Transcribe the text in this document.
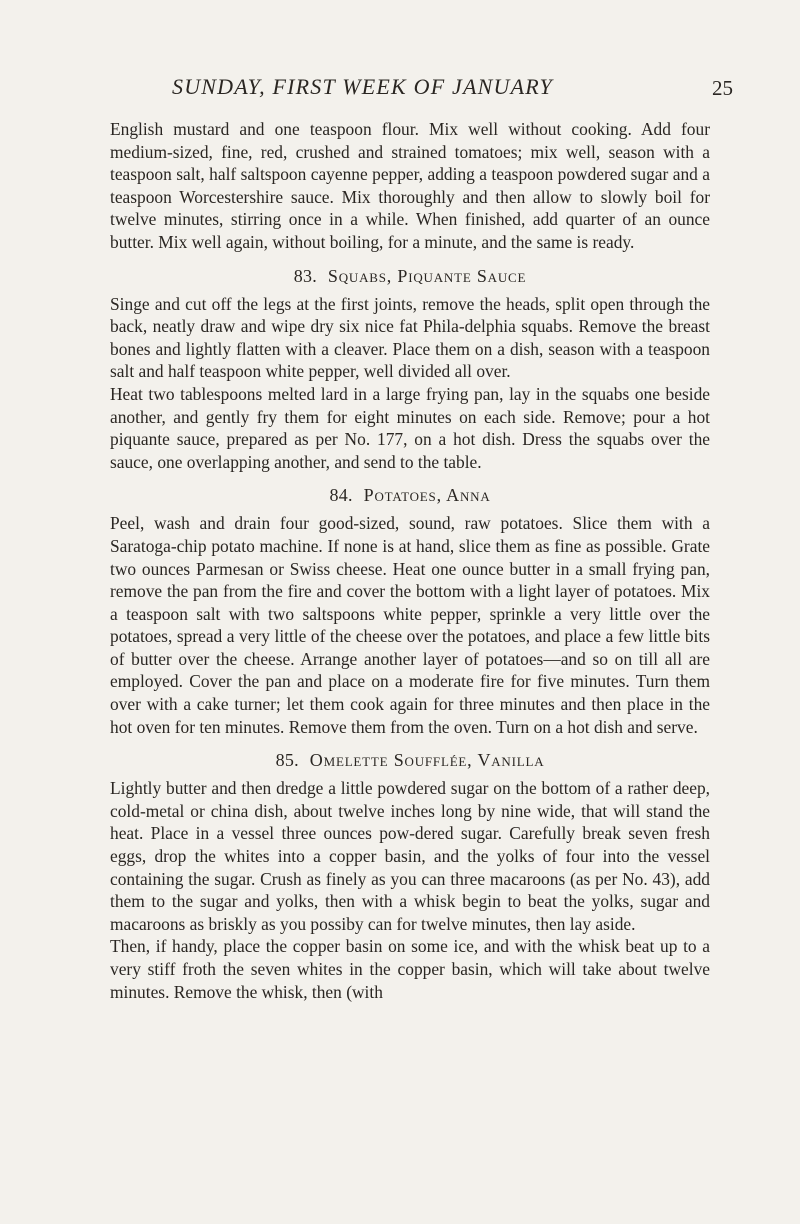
SUNDAY, FIRST WEEK OF JANUARY	25

English mustard and one teaspoon flour. Mix well without cooking. Add four medium-sized, fine, red, crushed and strained tomatoes; mix well, season with a teaspoon salt, half saltspoon cayenne pepper, adding a teaspoon powdered sugar and a teaspoon Worcestershire sauce. Mix thoroughly and then allow to slowly boil for twelve minutes, stirring once in a while. When finished, add quarter of an ounce butter. Mix well again, without boiling, for a minute, and the same is ready.

83. Squabs, Piquante Sauce

Singe and cut off the legs at the first joints, remove the heads, split open through the back, neatly draw and wipe dry six nice fat Phila-delphia squabs. Remove the breast bones and lightly flatten with a cleaver. Place them on a dish, season with a teaspoon salt and half teaspoon white pepper, well divided all over.

Heat two tablespoons melted lard in a large frying pan, lay in the squabs one beside another, and gently fry them for eight minutes on each side. Remove; pour a hot piquante sauce, prepared as per No. 177, on a hot dish. Dress the squabs over the sauce, one overlapping another, and send to the table.

84. Potatoes, Anna

Peel, wash and drain four good-sized, sound, raw potatoes. Slice them with a Saratoga-chip potato machine. If none is at hand, slice them as fine as possible. Grate two ounces Parmesan or Swiss cheese. Heat one ounce butter in a small frying pan, remove the pan from the fire and cover the bottom with a light layer of potatoes. Mix a teaspoon salt with two saltspoons white pepper, sprinkle a very little over the potatoes, spread a very little of the cheese over the potatoes, and place a few little bits of butter over the cheese. Arrange another layer of potatoes—and so on till all are employed. Cover the pan and place on a moderate fire for five minutes. Turn them over with a cake turner; let them cook again for three minutes and then place in the hot oven for ten minutes. Remove them from the oven. Turn on a hot dish and serve.

85. Omelette Soufflée, Vanilla

Lightly butter and then dredge a little powdered sugar on the bottom of a rather deep, cold-metal or china dish, about twelve inches long by nine wide, that will stand the heat. Place in a vessel three ounces pow-dered sugar. Carefully break seven fresh eggs, drop the whites into a copper basin, and the yolks of four into the vessel containing the sugar. Crush as finely as you can three macaroons (as per No. 43), add them to the sugar and yolks, then with a whisk begin to beat the yolks, sugar and macaroons as briskly as you possiby can for twelve minutes, then lay aside.

Then, if handy, place the copper basin on some ice, and with the whisk beat up to a very stiff froth the seven whites in the copper basin, which will take about twelve minutes. Remove the whisk, then (with
